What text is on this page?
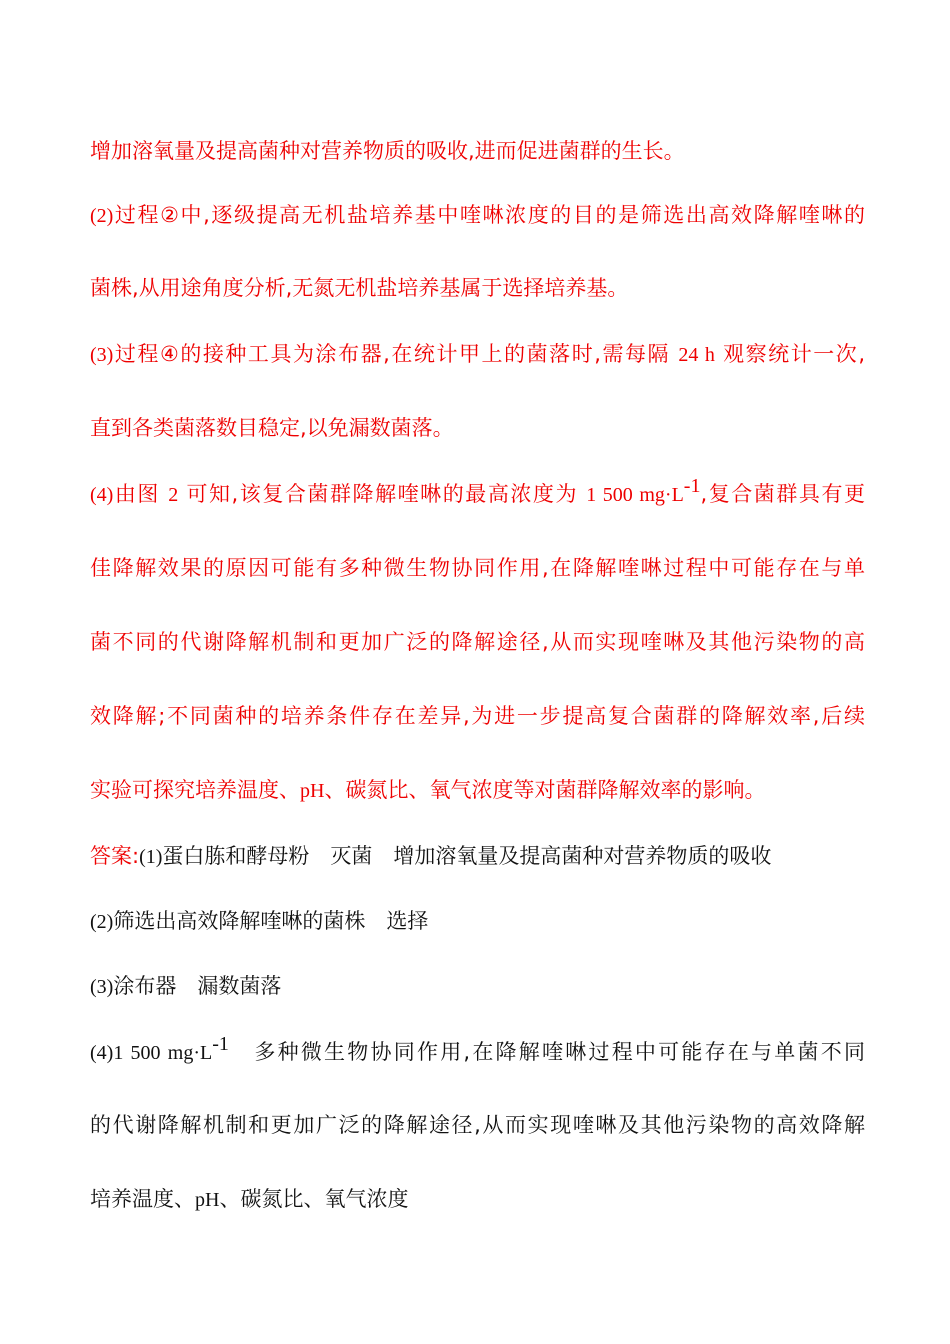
增加溶氧量及提高菌种对营养物质的吸收,进而促进菌群的生长。
(2)过程②中,逐级提高无机盐培养基中喹啉浓度的目的是筛选出高效降解喹啉的
菌株,从用途角度分析,无氮无机盐培养基属于选择培养基。
(3)过程④的接种工具为涂布器,在统计甲上的菌落时,需每隔 24 h 观察统计一次,
直到各类菌落数目稳定,以免漏数菌落。
(4)由图 2 可知,该复合菌群降解喹啉的最高浓度为 1 500 $mg\cdot L^{-1}$,复合菌群具有更
佳降解效果的原因可能有多种微生物协同作用,在降解喹啉过程中可能存在与单
菌不同的代谢降解机制和更加广泛的降解途径,从而实现喹啉及其他污染物的高
效降解;不同菌种的培养条件存在差异,为进一步提高复合菌群的降解效率,后续
实验可探究培养温度、pH、碳氮比、氧气浓度等对菌群降解效率的影响。
答案:(1)蛋白胨和酵母粉　灭菌　增加溶氧量及提高菌种对营养物质的吸收
(2)筛选出高效降解喹啉的菌株　选择
(3)涂布器　漏数菌落
(4)1 500 $mg\cdot L^{-1}$　多种微生物协同作用,在降解喹啉过程中可能存在与单菌不同
的代谢降解机制和更加广泛的降解途径,从而实现喹啉及其他污染物的高效降解
培养温度、pH、碳氮比、氧气浓度
